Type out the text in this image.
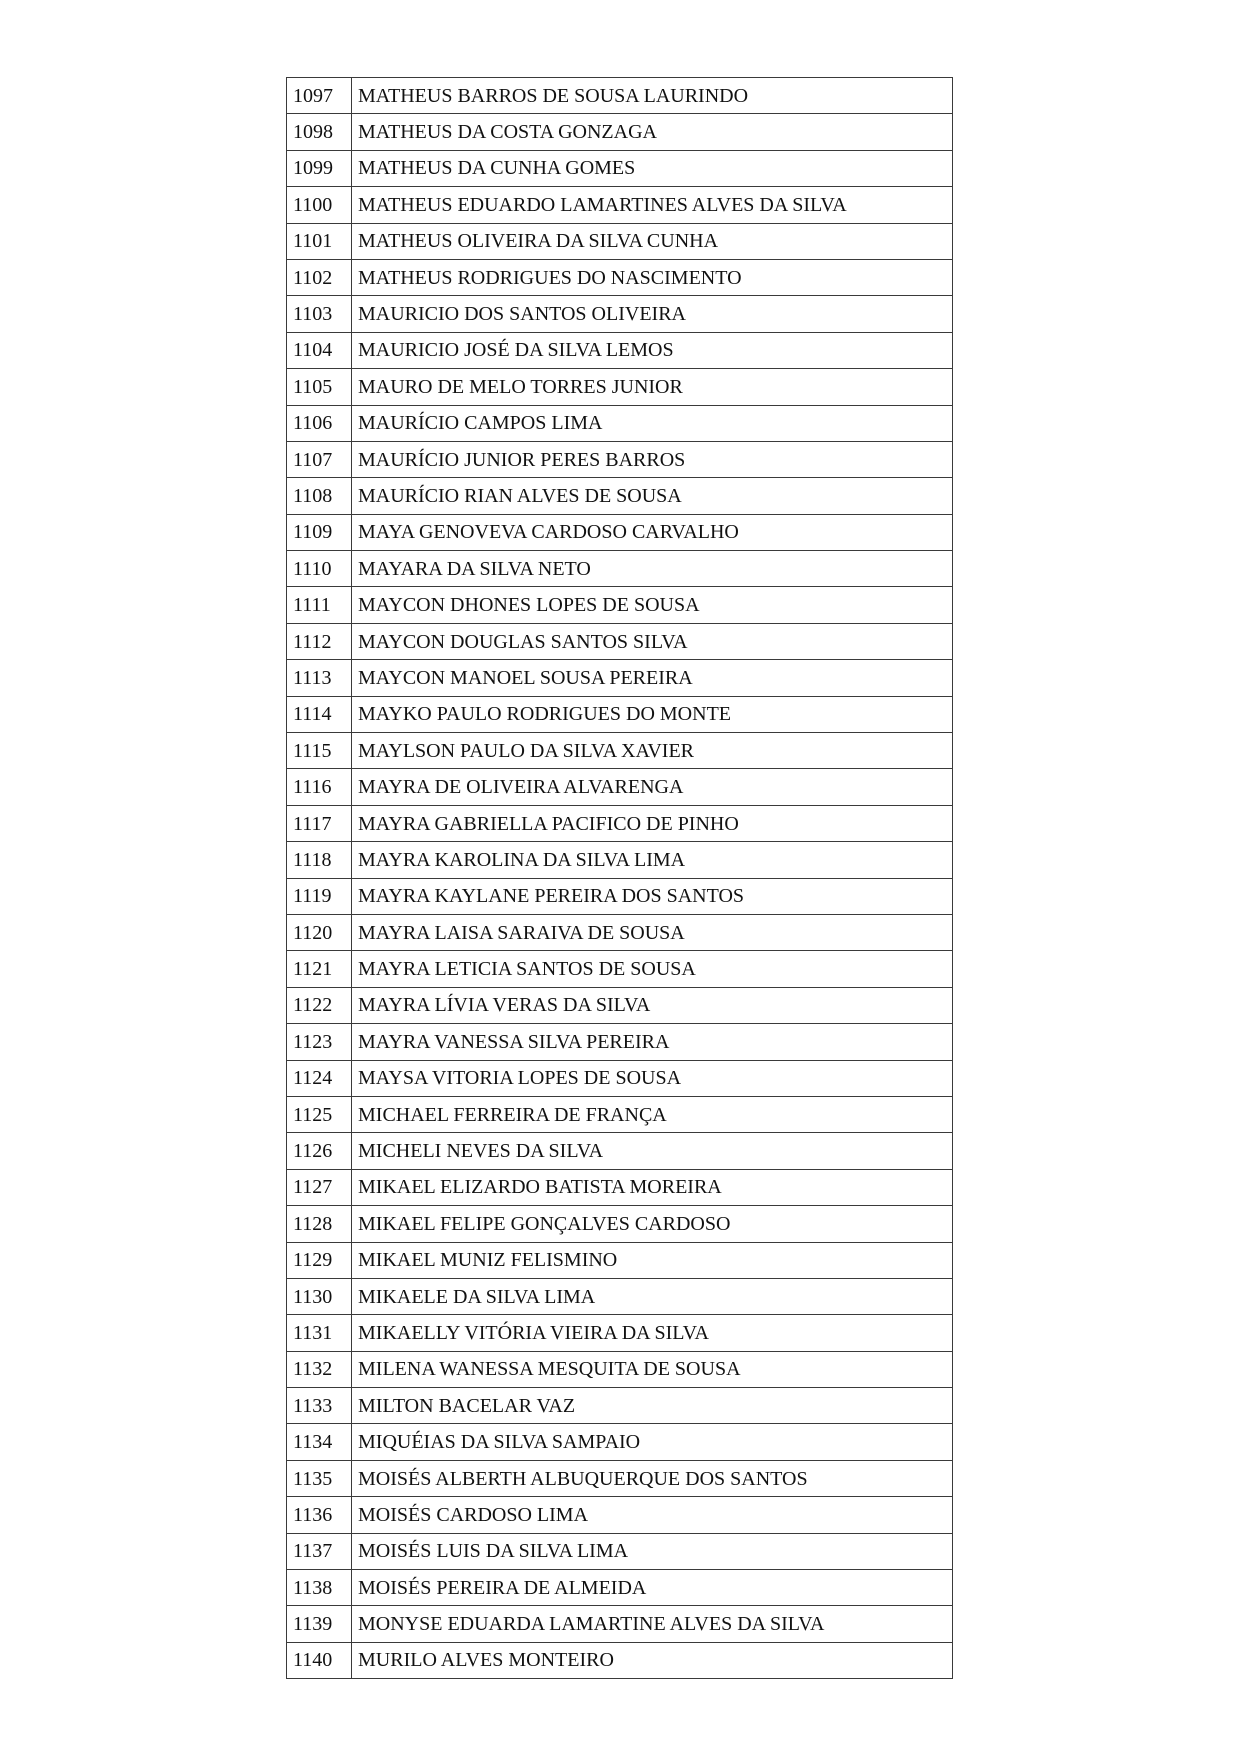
1097	MATHEUS BARROS DE SOUSA LAURINDO
1098	MATHEUS DA COSTA GONZAGA
1099	MATHEUS DA CUNHA GOMES
1100	MATHEUS EDUARDO LAMARTINES ALVES DA SILVA
1101	MATHEUS OLIVEIRA DA SILVA CUNHA
1102	MATHEUS RODRIGUES DO NASCIMENTO
1103	MAURICIO DOS SANTOS OLIVEIRA
1104	MAURICIO JOSÉ DA SILVA LEMOS
1105	MAURO DE MELO TORRES JUNIOR
1106	MAURÍCIO CAMPOS LIMA
1107	MAURÍCIO JUNIOR PERES BARROS
1108	MAURÍCIO RIAN ALVES DE SOUSA
1109	MAYA GENOVEVA CARDOSO CARVALHO
1110	MAYARA DA SILVA NETO
1111	MAYCON DHONES LOPES DE SOUSA
1112	MAYCON DOUGLAS SANTOS SILVA
1113	MAYCON MANOEL SOUSA PEREIRA
1114	MAYKO PAULO RODRIGUES DO MONTE
1115	MAYLSON PAULO DA SILVA XAVIER
1116	MAYRA DE OLIVEIRA ALVARENGA
1117	MAYRA GABRIELLA PACIFICO DE PINHO
1118	MAYRA KAROLINA DA SILVA LIMA
1119	MAYRA KAYLANE PEREIRA DOS SANTOS
1120	MAYRA LAISA SARAIVA DE SOUSA
1121	MAYRA LETICIA SANTOS DE SOUSA
1122	MAYRA LÍVIA VERAS DA SILVA
1123	MAYRA VANESSA SILVA PEREIRA
1124	MAYSA VITORIA LOPES DE SOUSA
1125	MICHAEL FERREIRA DE FRANÇA
1126	MICHELI NEVES DA SILVA
1127	MIKAEL ELIZARDO BATISTA MOREIRA
1128	MIKAEL FELIPE GONÇALVES CARDOSO
1129	MIKAEL MUNIZ FELISMINO
1130	MIKAELE DA SILVA LIMA
1131	MIKAELLY VITÓRIA VIEIRA DA SILVA
1132	MILENA WANESSA MESQUITA DE SOUSA
1133	MILTON BACELAR VAZ
1134	MIQUÉIAS DA SILVA SAMPAIO
1135	MOISÉS ALBERTH ALBUQUERQUE DOS SANTOS
1136	MOISÉS CARDOSO LIMA
1137	MOISÉS LUIS DA SILVA LIMA
1138	MOISÉS PEREIRA DE ALMEIDA
1139	MONYSE EDUARDA LAMARTINE ALVES DA SILVA
1140	MURILO ALVES MONTEIRO
